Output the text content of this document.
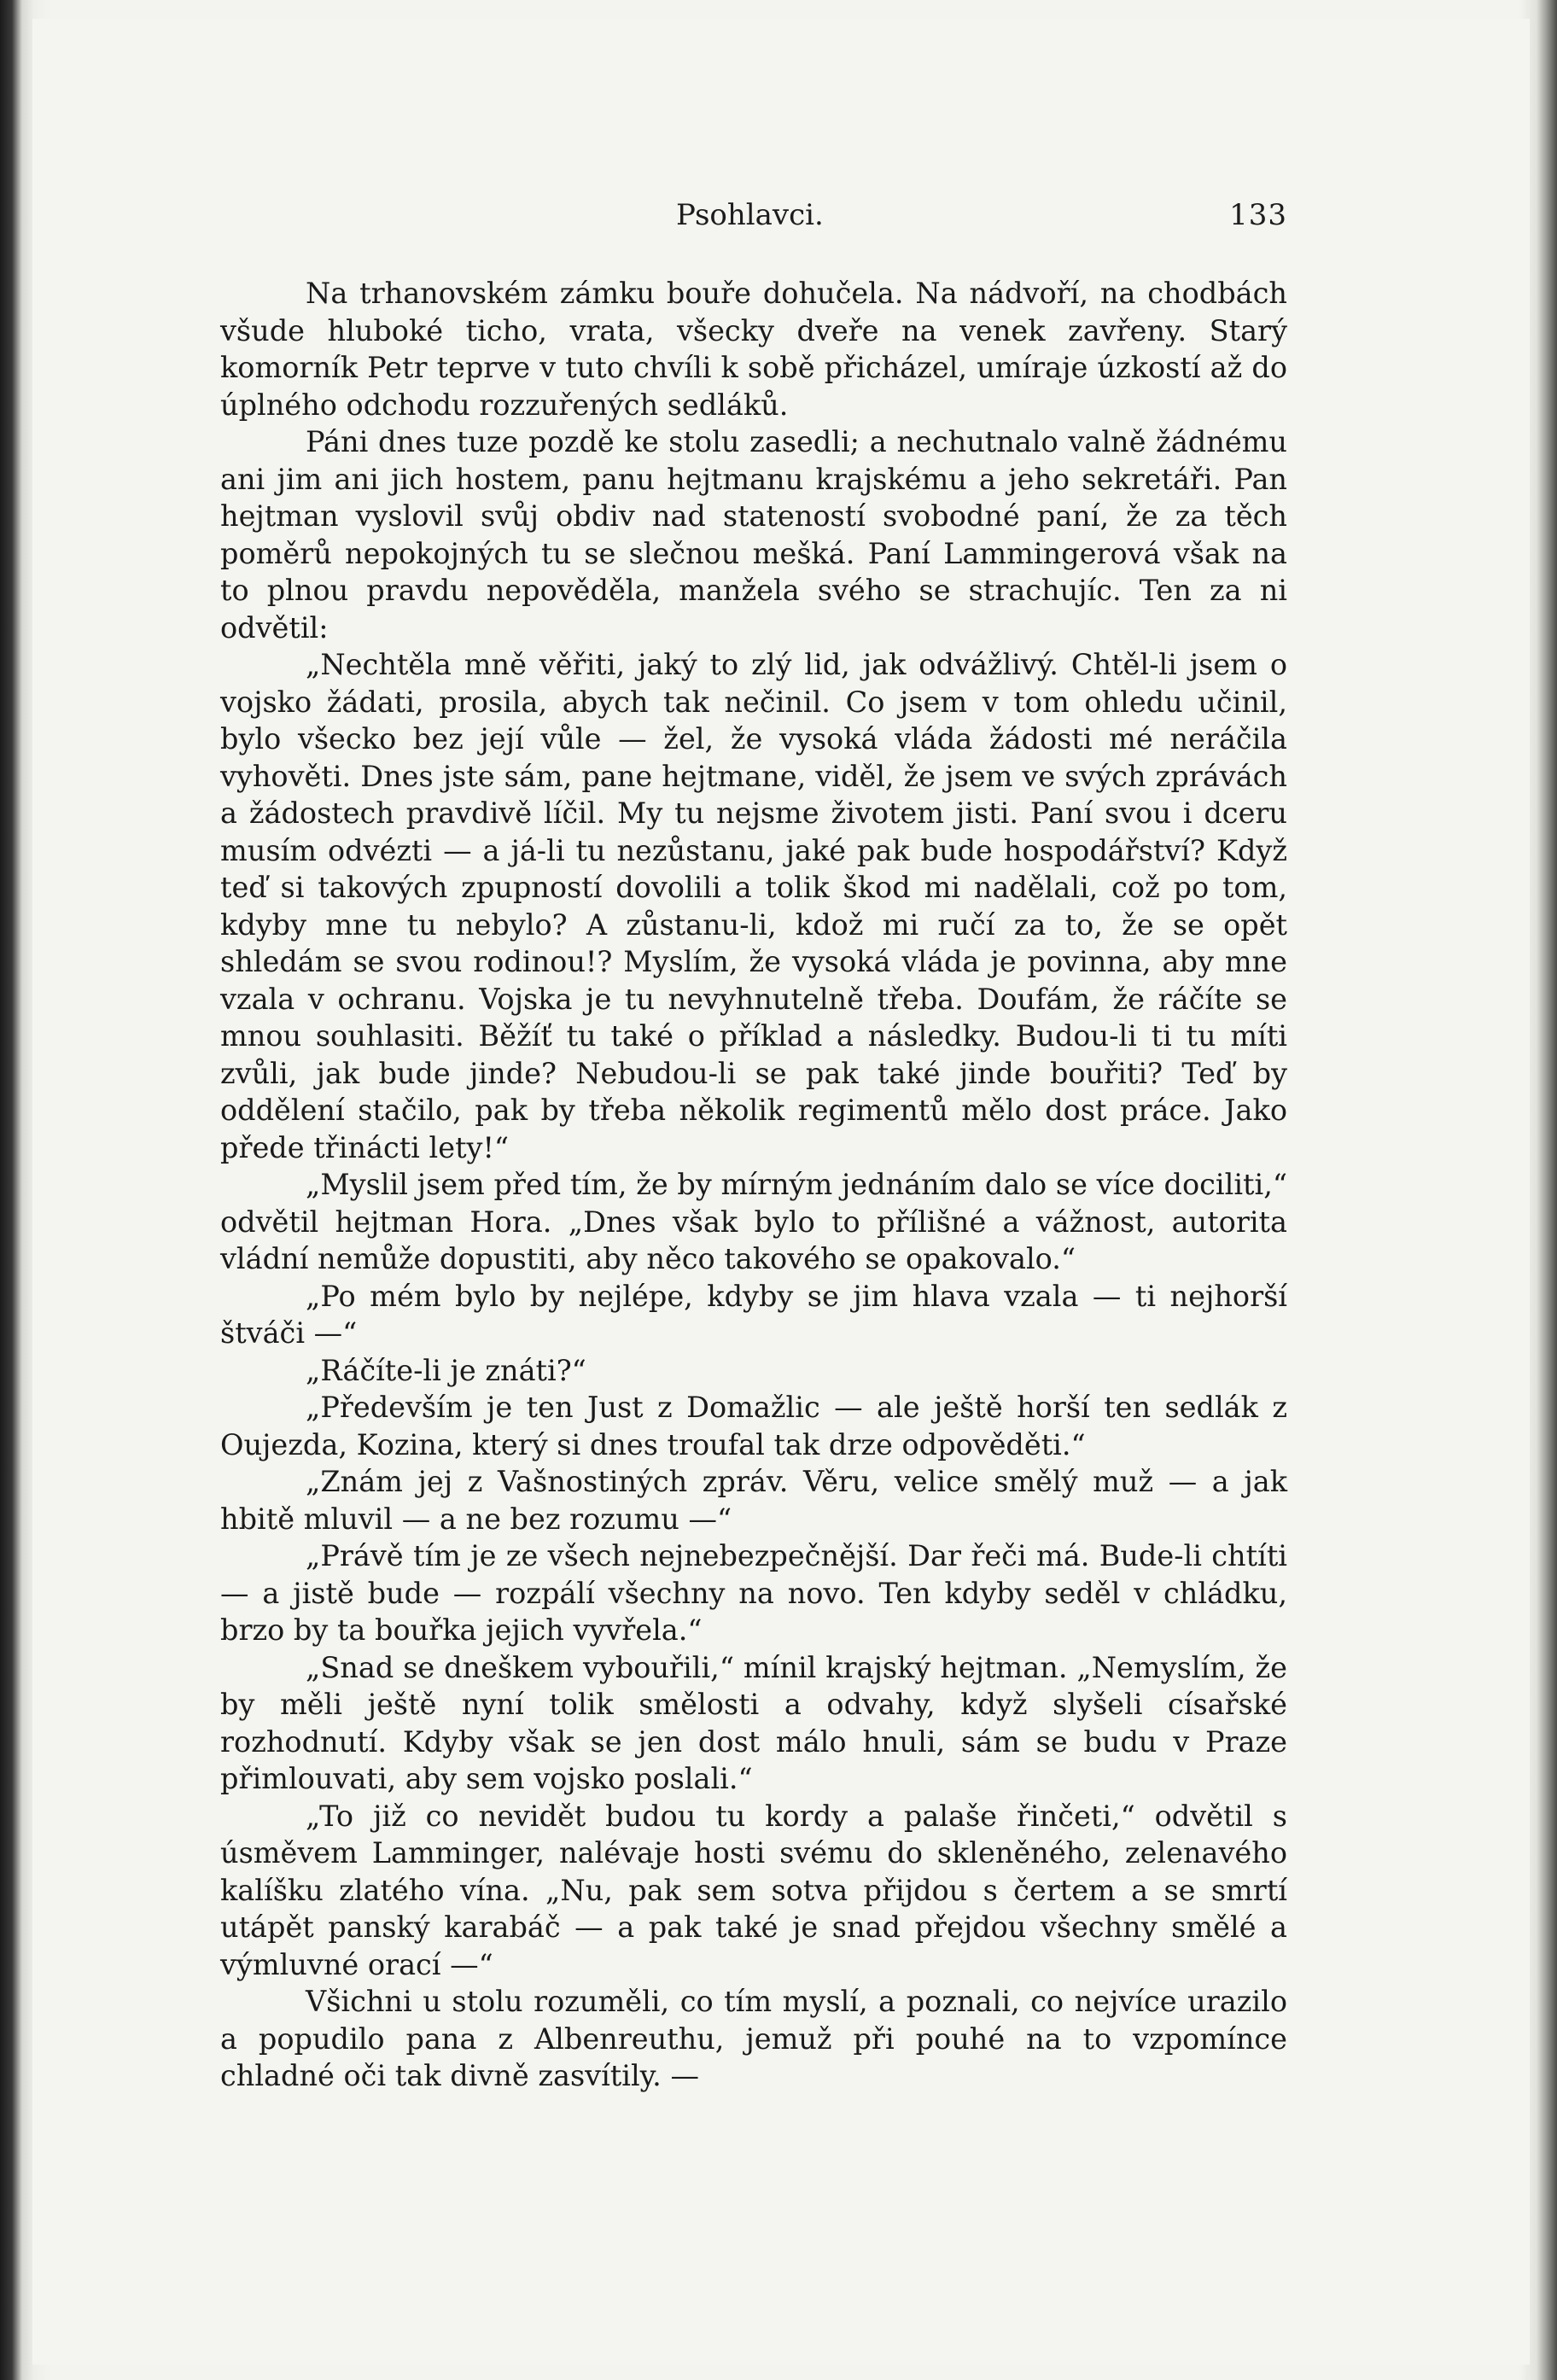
Psohlavci.	133

Na trhanovském zámku bouře dohučela. Na nádvoří, na chodbách všude hluboké ticho, vrata, všecky dveře na venek zavřeny. Starý komorník Petr teprve v tuto chvíli k sobě přicházel, umíraje úzkostí až do úplného odchodu rozzuřených sedláků.

Páni dnes tuze pozdě ke stolu zasedli; a nechutnalo valně žádnému ani jim ani jich hostem, panu hejtmanu krajskému a jeho sekretáři. Pan hejtman vyslovil svůj obdiv nad stateností svobodné paní, že za těch poměrů nepokojných tu se slečnou mešká. Paní Lammingerová však na to plnou pravdu nepověděla, manžela svého se strachujíc. Ten za ni odvětil:

„Nechtěla mně věřiti, jaký to zlý lid, jak odvážlivý. Chtěl-li jsem o vojsko žádati, prosila, abych tak nečinil. Co jsem v tom ohledu učinil, bylo všecko bez její vůle — žel, že vysoká vláda žádosti mé neráčila vyhověti. Dnes jste sám, pane hejtmane, viděl, že jsem ve svých zprávách a žádostech pravdivě líčil. My tu nejsme životem jisti. Paní svou i dceru musím odvézti — a já-li tu nezůstanu, jaké pak bude hospodářství? Když teď si takových zpupností dovolili a tolik škod mi nadělali, což po tom, kdyby mne tu nebylo? A zůstanu-li, kdož mi ručí za to, že se opět shledám se svou rodinou!? Myslím, že vysoká vláda je povinna, aby mne vzala v ochranu. Vojska je tu nevyhnutelně třeba. Doufám, že ráčíte se mnou souhlasiti. Běžíť tu také o příklad a následky. Budou-li ti tu míti zvůli, jak bude jinde? Nebudou-li se pak také jinde bouřiti? Teď by oddělení stačilo, pak by třeba několik regimentů mělo dost práce. Jako přede třinácti lety!“

„Myslil jsem před tím, že by mírným jednáním dalo se více dociliti,“ odvětil hejtman Hora. „Dnes však bylo to přílišné a vážnost, autorita vládní nemůže dopustiti, aby něco takového se opakovalo.“

„Po mém bylo by nejlépe, kdyby se jim hlava vzala — ti nejhorší štváči —“

„Ráčíte-li je znáti?“

„Především je ten Just z Domažlic — ale ještě horší ten sedlák z Oujezda, Kozina, který si dnes troufal tak drze odpověděti.“

„Znám jej z Vašnostiných zpráv. Věru, velice smělý muž — a jak hbitě mluvil — a ne bez rozumu —“

„Právě tím je ze všech nejnebezpečnější. Dar řeči má. Bude-li chtíti — a jistě bude — rozpálí všechny na novo. Ten kdyby seděl v chládku, brzo by ta bouřka jejich vyvřela.“

„Snad se dneškem vybouřili,“ mínil krajský hejtman. „Nemyslím, že by měli ještě nyní tolik smělosti a odvahy, když slyšeli císařské rozhodnutí. Kdyby však se jen dost málo hnuli, sám se budu v Praze přimlouvati, aby sem vojsko poslali.“

„To již co nevidět budou tu kordy a palaše řinčeti,“ odvětil s úsměvem Lamminger, nalévaje hosti svému do skleněného, zelenavého kalíšku zlatého vína. „Nu, pak sem sotva přijdou s čertem a se smrtí utápět panský karabáč — a pak také je snad přejdou všechny smělé a výmluvné orací —“

Všichni u stolu rozuměli, co tím myslí, a poznali, co nejvíce urazilo a popudilo pana z Albenreuthu, jemuž při pouhé na to vzpomínce chladné oči tak divně zasvítily. —
